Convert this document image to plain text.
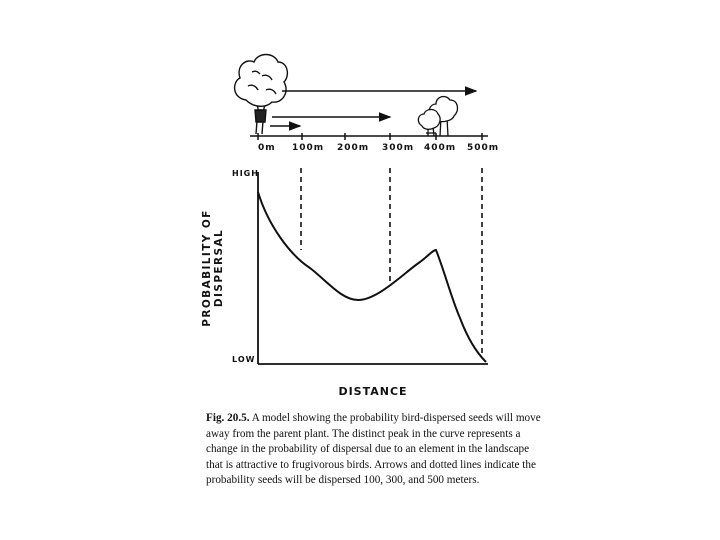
0m 100m 200m 300m 400m 500m
HIGH
LOW
PROBABILITY OF DISPERSAL
DISTANCE
Fig. 20.5. A model showing the probability bird-dispersed seeds will move away from the parent plant. The distinct peak in the curve represents a change in the probability of dispersal due to an element in the landscape that is attractive to frugivorous birds. Arrows and dotted lines indicate the probability seeds will be dispersed 100, 300, and 500 meters.
